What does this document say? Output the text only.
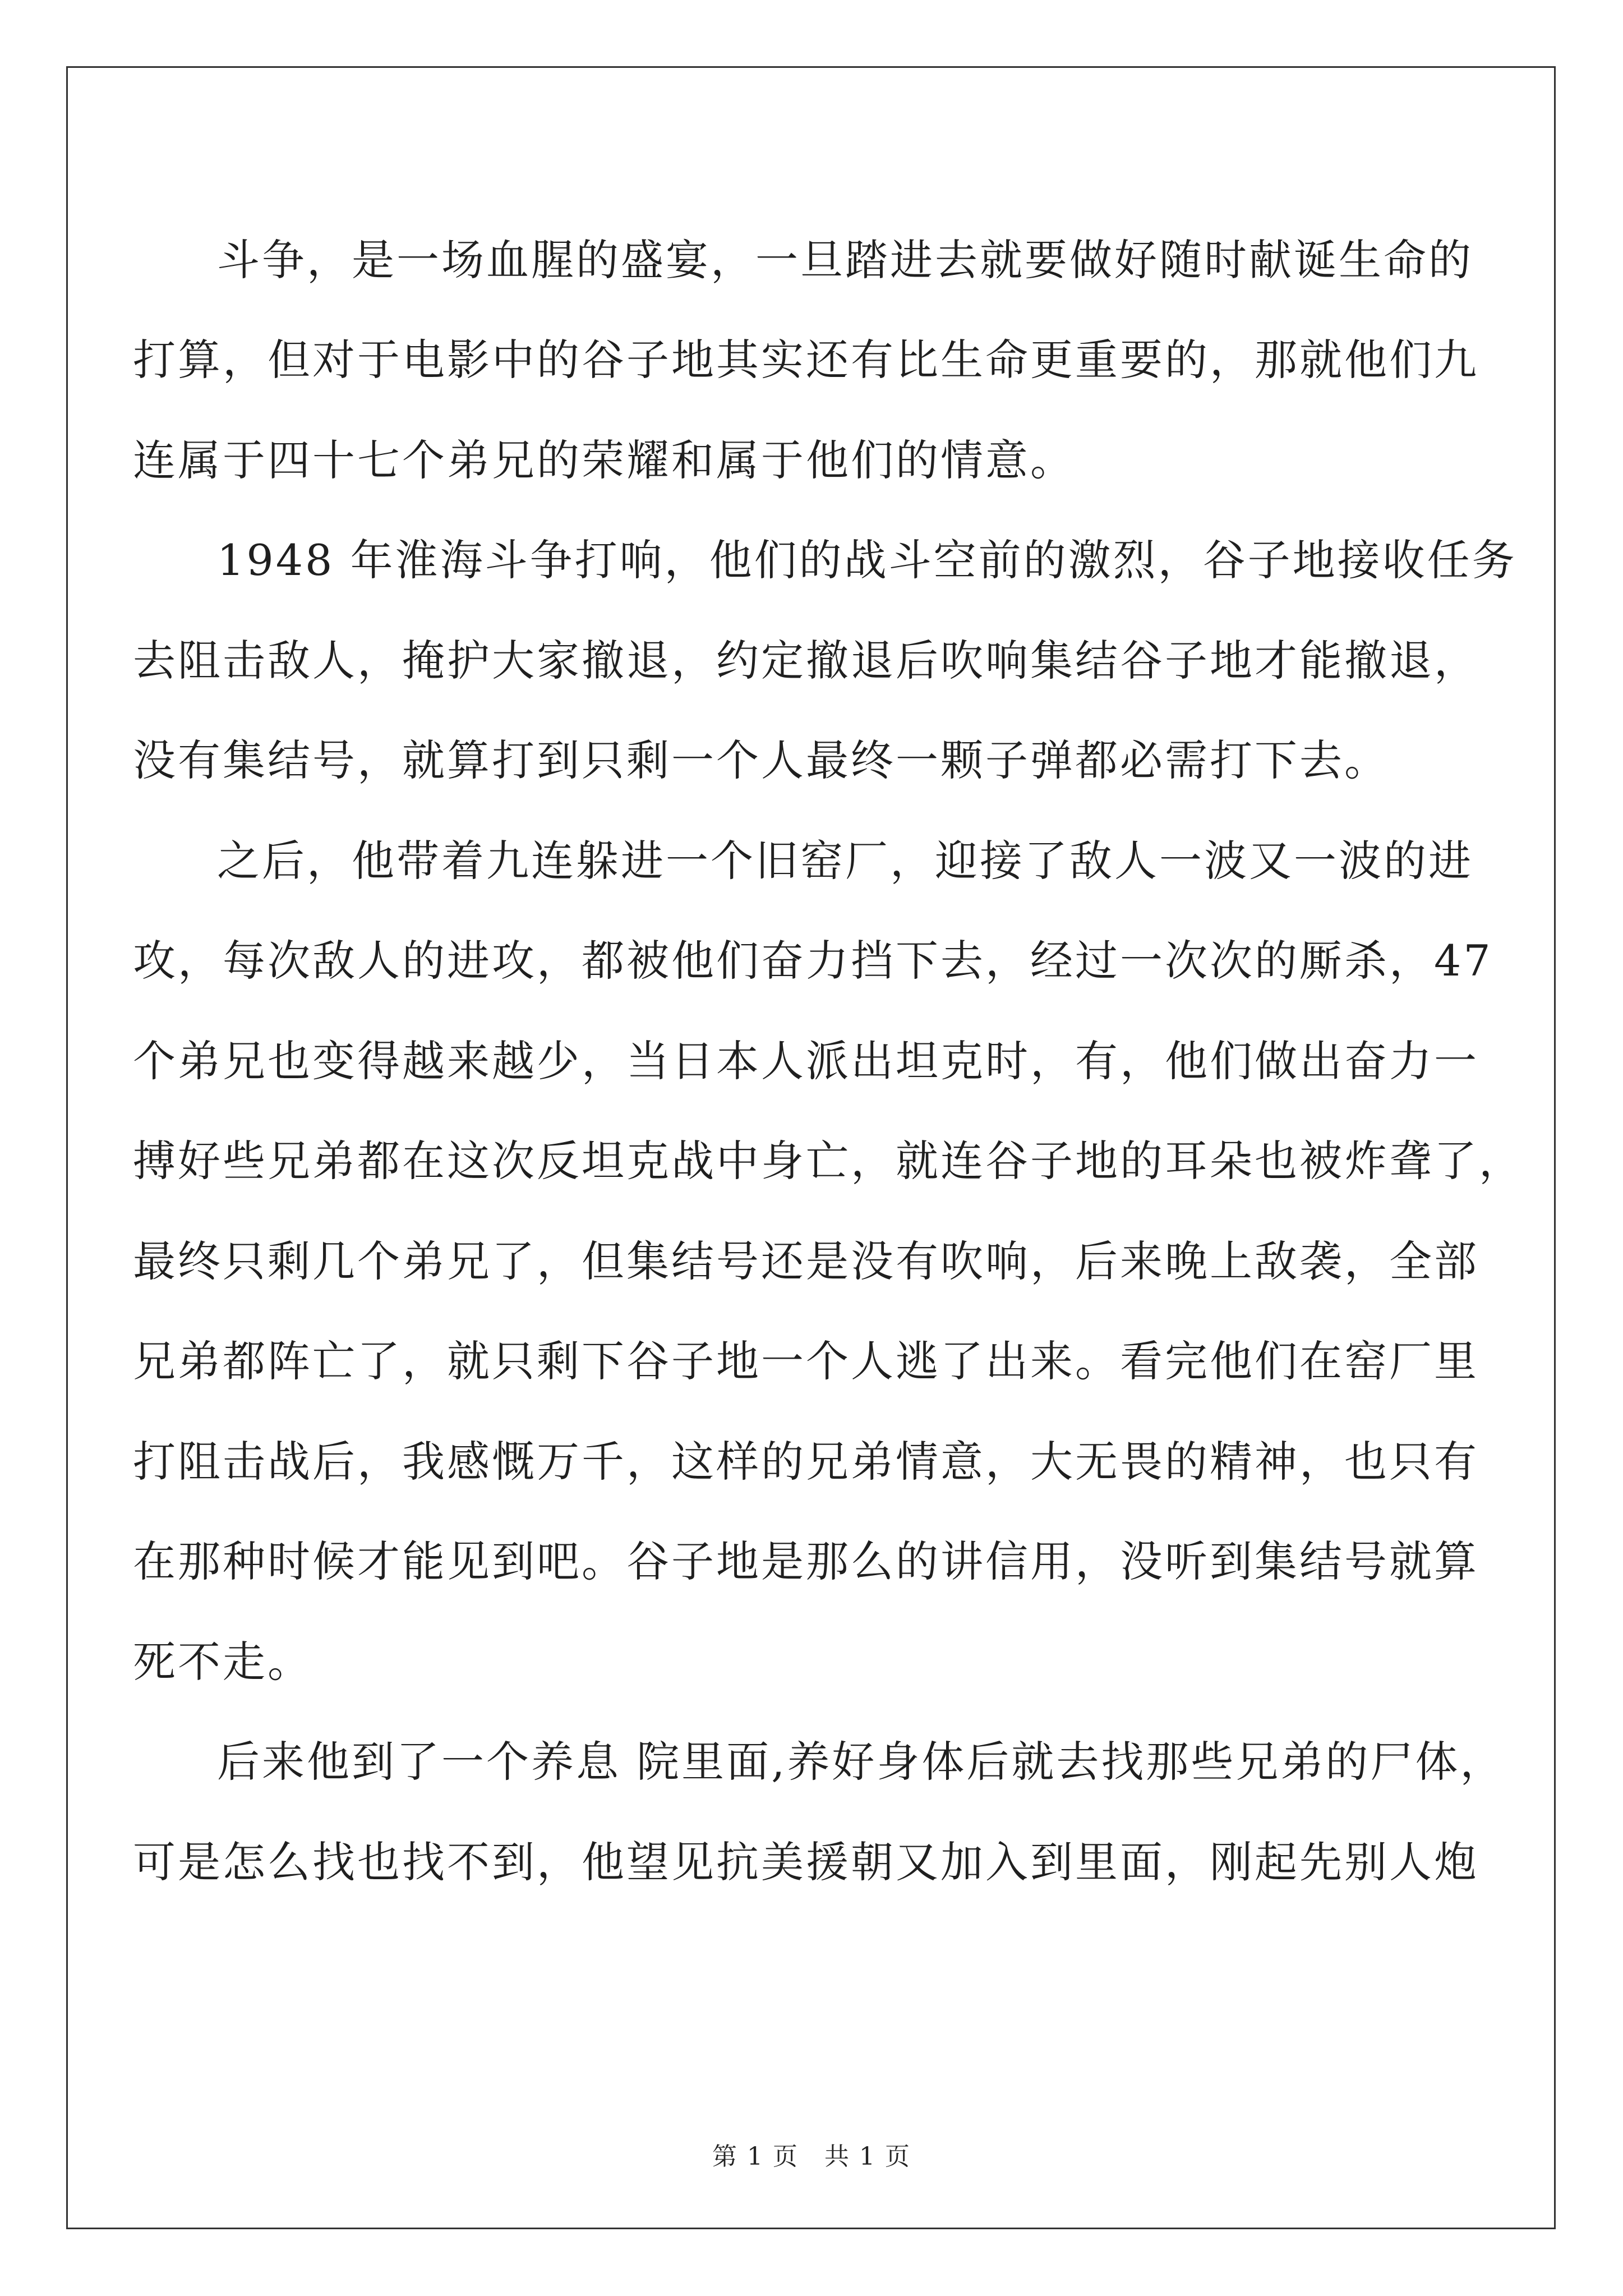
斗争，是一场血腥的盛宴，一旦踏进去就要做好随时献诞生命的
打算，但对于电影中的谷子地其实还有比生命更重要的，那就他们九
连属于四十七个弟兄的荣耀和属于他们的情意。
1948 年淮海斗争打响，他们的战斗空前的激烈，谷子地接收任务
去阻击敌人，掩护大家撤退，约定撤退后吹响集结谷子地才能撤退，
没有集结号，就算打到只剩一个人最终一颗子弹都必需打下去。
之后，他带着九连躲进一个旧窑厂，迎接了敌人一波又一波的进
攻，每次敌人的进攻，都被他们奋力挡下去，经过一次次的厮杀，47
个弟兄也变得越来越少，当日本人派出坦克时，有，他们做出奋力一
搏好些兄弟都在这次反坦克战中身亡，就连谷子地的耳朵也被炸聋了，
最终只剩几个弟兄了，但集结号还是没有吹响，后来晚上敌袭，全部
兄弟都阵亡了，就只剩下谷子地一个人逃了出来。看完他们在窑厂里
打阻击战后，我感慨万千，这样的兄弟情意，大无畏的精神，也只有
在那种时候才能见到吧。谷子地是那么的讲信用，没听到集结号就算
死不走。
后来他到了一个养息 院里面,养好身体后就去找那些兄弟的尸体，
可是怎么找也找不到，他望见抗美援朝又加入到里面，刚起先别人炮
第 1 页　共 1 页
